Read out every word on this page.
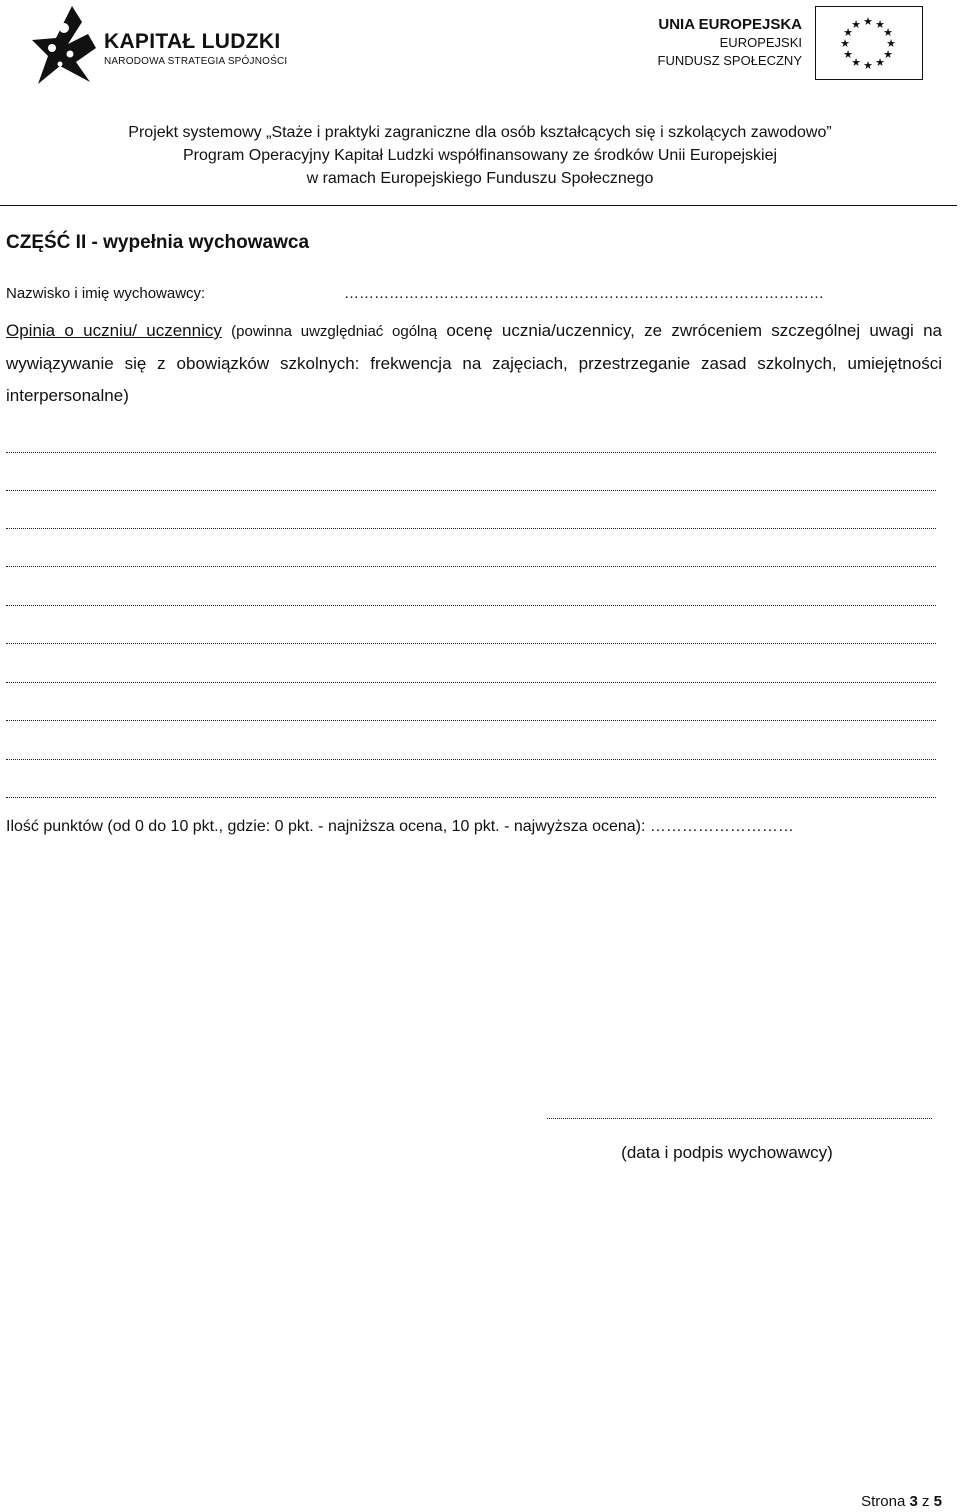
KAPITAŁ LUDZKI
NARODOWA STRATEGIA SPÓJNOŚCI
UNIA EUROPEJSKA
EUROPEJSKI
FUNDUSZ SPOŁECZNY
★ ★
★
★
★
★
★
★
★
★
★
★
Projekt systemowy „Staże i praktyki zagraniczne dla osób kształcących się i szkolących zawodowo”
Program Operacyjny Kapitał Ludzki współfinansowany ze środków Unii Europejskiej
w ramach Europejskiego Funduszu Społecznego
CZĘŚĆ II - wypełnia wychowawca
Nazwisko i imię wychowawcy:	……………………………………………………………………………………
Opinia o uczniu/ uczennicy (powinna uwzględniać ogólną ocenę ucznia/uczennicy, ze zwróceniem szczególnej uwagi na wywiązywanie się z obowiązków szkolnych: frekwencja na zajęciach, przestrzeganie zasad szkolnych, umiejętności interpersonalne)
Ilość punktów (od 0 do 10 pkt., gdzie: 0 pkt. - najniższa ocena, 10 pkt. - najwyższa ocena): ………………………
(data i podpis wychowawcy)
Strona 3 z 5
